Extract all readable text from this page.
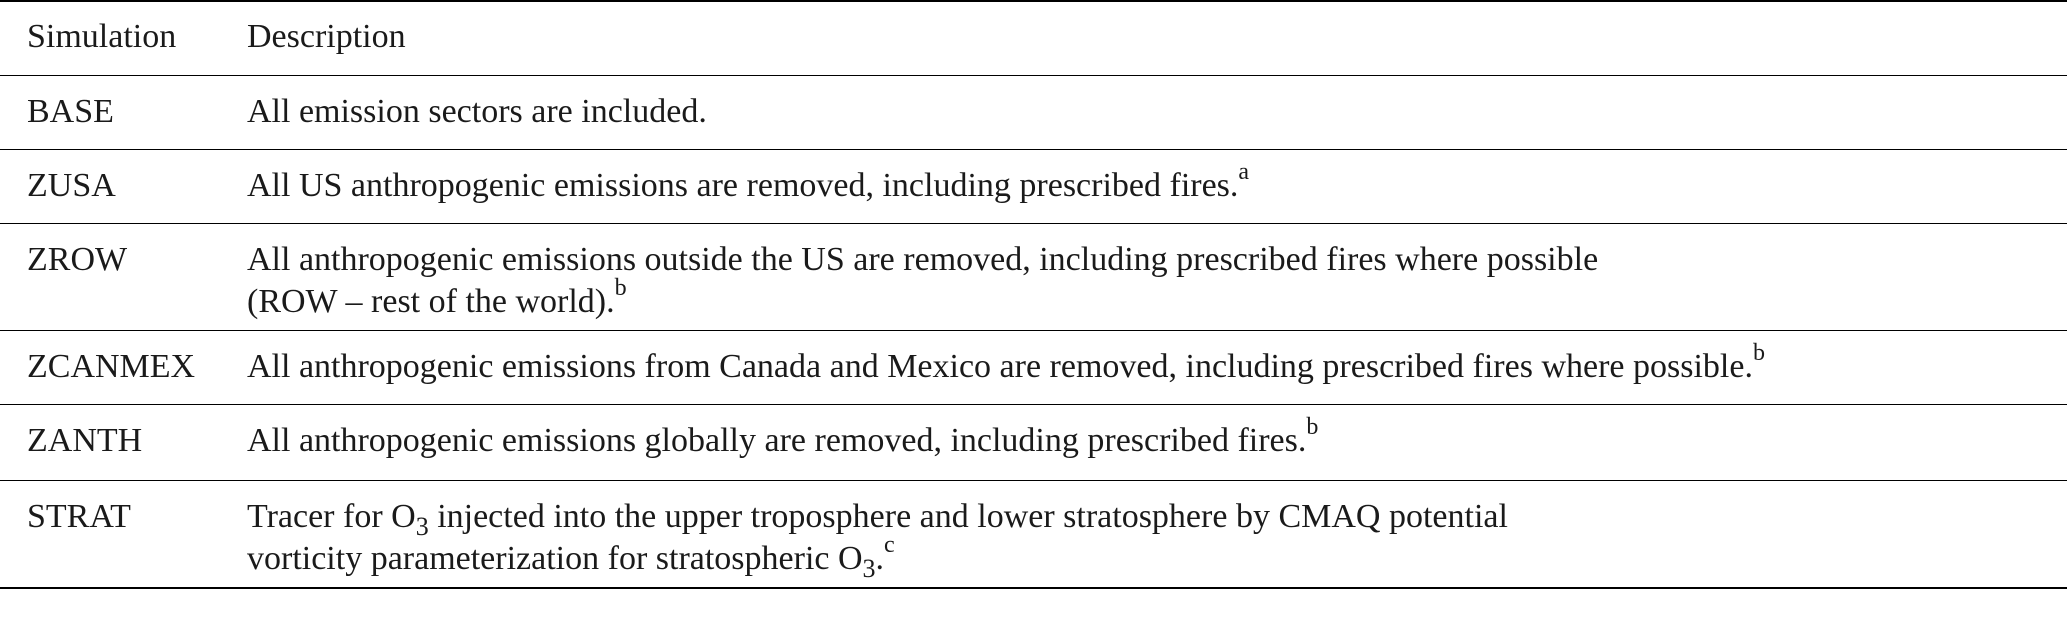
Simulation	Description
BASE	All emission sectors are included.
ZUSA	All US anthropogenic emissions are removed, including prescribed fires.$^a$
ZROW	All anthropogenic emissions outside the US are removed, including prescribed fires where possible
(ROW – rest of the world).$^b$

ZCANMEX	All anthropogenic emissions from Canada and Mexico are removed, including prescribed fires where possible.$^b$
ZANTH	All anthropogenic emissions globally are removed, including prescribed fires.$^b$
STRAT	Tracer for $O_3$ injected into the upper troposphere and lower stratosphere by CMAQ potential
vorticity parameterization for stratospheric $O_3.^c$
